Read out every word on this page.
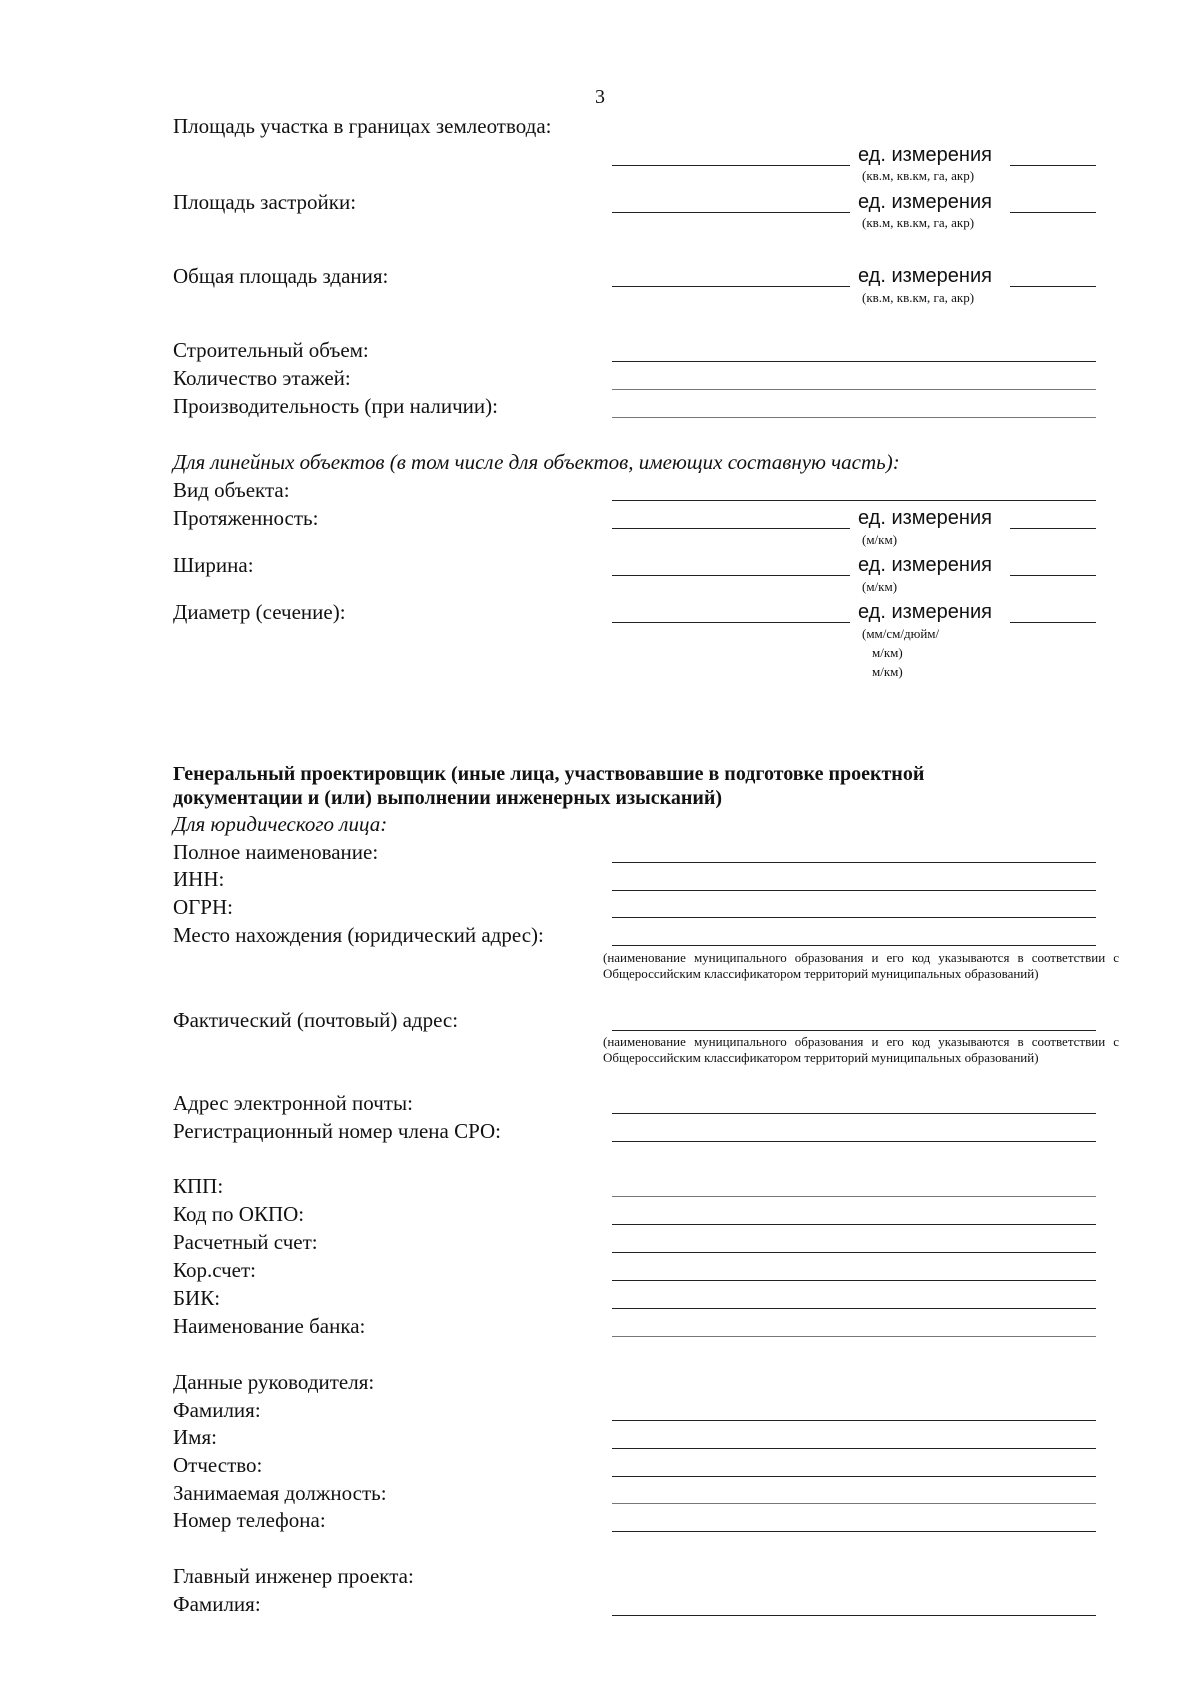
3
Площадь участка в границах землеотвода:
ед. измерения
(кв.м, кв.км, га, акр)
Площадь застройки:	ед. измерения
(кв.м, кв.км, га, акр)
Общая площадь здания:	ед. измерения
(кв.м, кв.км, га, акр)
Строительный объем:
Количество этажей:
Производительность (при наличии):
Для линейных объектов (в том числе для объектов, имеющих составную часть):
Вид объекта:
Протяженность:	ед. измерения
(м/км)
Ширина:	ед. измерения
(м/км)
Диаметр (сечение):	ед. измерения
(мм/см/дюйм/
м/км)
м/км)
Генеральный проектировщик (иные лица, участвовавшие в подготовке проектной
документации и (или) выполнении инженерных изысканий)
Для юридического лица:
Полное наименование:
ИНН:
ОГРН:
Место нахождения (юридический адрес):
(наименование муниципального образования и его код указываются в соответствии с Общероссийским классификатором территорий муниципальных образований)
Фактический (почтовый) адрес:
(наименование муниципального образования и его код указываются в соответствии с Общероссийским классификатором территорий муниципальных образований)
Адрес электронной почты:
Регистрационный номер члена СРО:
КПП:
Код по ОКПО:
Расчетный счет:
Кор.счет:
БИК:
Наименование банка:
Данные руководителя:
Фамилия:
Имя:
Отчество:
Занимаемая должность:
Номер телефона:
Главный инженер проекта:
Фамилия:
